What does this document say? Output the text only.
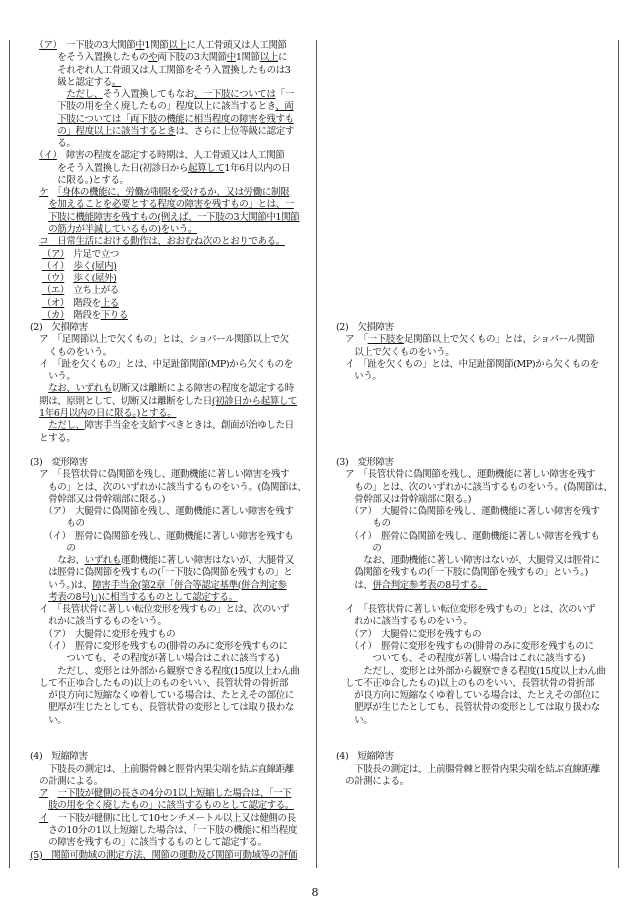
　（ア）　一下肢の3大関節中1関節以上に人工骨頭又は人工関節
　　　をそう入置換したものや両下肢の3大関節中1関節以上に
　　　それぞれ人工骨頭又は人工関節をそう入置換したものは3
　　　級と認定する。
　　　　ただし、そう入置換してもなお、一下肢については「一
　　　下肢の用を全く廃したもの」程度以上に該当するとき、両
　　　下肢については「両下肢の機能に相当程度の障害を残すも
　　　の」程度以上に該当するときは、さらに上位等級に認定す
　　　る。
　（イ）　障害の程度を認定する時期は、人工骨頭又は人工関節
　　　をそう入置換した日(初診日から起算して1年6月以内の日
　　　に限る。)とする。
　ケ　 「身体の機能に、労働が制限を受けるか、又は労働に制限
　　を加えることを必要とする程度の障害を残すもの」とは、一
　　下肢に機能障害を残すもの(例えば、一下肢の3大関節中1関節
　　の筋力が半減しているもの)をいう。
　コ　日常生活における動作は、おおむね次のとおりである。
　 （ア）　片足で立つ
　 （イ）　 歩く(屋内)
　 （ウ）　 歩く(屋外)
　 （エ）　立ち上がる
　 （オ）　階段を上る
　 （カ）　階段を下りる
(2)　欠損障害
　ア　「足関節以上で欠くもの」とは、ショパール関節以上で欠
　　くものをいう。
　イ　「趾を欠くもの」とは、中足趾節関節(MP)から欠くものを
　　いう。
　　なお、いずれも切断又は離断による障害の程度を認定する時
　期は、原則として、切断又は離断をした日(初診日から起算して
　1年6月以内の日に限る。)とする。
　　ただし、障害手当金を支給すべきときは、創面が治ゆした日
　とする。
(3)　変形障害
　ア　「長管状骨に偽関節を残し、運動機能に著しい障害を残す
　　もの」とは、次のいずれかに該当するものをいう。(偽関節は、
　　骨幹部又は骨幹端部に限る。)
　　（ア）　大腿骨に偽関節を残し、運動機能に著しい障害を残す
　　　　もの
　　（イ）　脛骨に偽関節を残し、運動機能に著しい障害を残すも
　　　　の
　　　なお、いずれも運動機能に著しい障害はないが、大腿骨又
　　は脛骨に偽関節を残すもの(「一下肢に偽関節を残すもの」と
　　いう。)は、障害手当金(第2章「併合等認定基準(併合判定参
　　考表の8号)」)に相当するものとして認定する。
　イ　「長管状骨に著しい転位変形を残すもの」とは、次のいず
　　れかに該当するものをいう。
　　（ア）　大腿骨に変形を残すもの
　　（イ）　脛骨に変形を残すもの(腓骨のみに変形を残すものに
　　　　ついても、その程度が著しい場合はこれに該当する)
　　　ただし、変形とは外部から観察できる程度(15度以上わん曲
　して不正ゆ合したもの)以上のものをいい、長管状骨の骨折部
　　が良方向に短縮なくゆ着している場合は、たとえその部位に
　　肥厚が生じたとしても、長管状骨の変形としては取り扱わな
　　い。
(4)　短縮障害
　　下肢長の測定は、上前腸骨棘と脛骨内果尖端を結ぶ直線距離
　の計測による。
　ア　 一下肢が健側の長さの4分の1以上短縮した場合は、「一下
　　肢の用を全く廃したもの」に該当するものとして認定する。
　イ　一下肢が健側に比して10センチメートル以上又は健側の長
　　さの10分の1以上短縮した場合は、「一下肢の機能に相当程度
　　の障害を残すもの」に該当するものとして認定する。
(5)　関節可動域の測定方法、関節の運動及び関節可動域等の評価
(2)　欠損障害
　ア　「一下肢を足関節以上で欠くもの」とは、ショパール関節
　　以上で欠くものをいう。
　イ　「趾を欠くもの」とは、中足趾節関節(MP)から欠くものを
　　いう。
(3)　変形障害
　ア　「長管状骨に偽関節を残し、運動機能に著しい障害を残す
　　もの」とは、次のいずれかに該当するものをいう。(偽関節は、
　　骨幹部又は骨幹端部に限る。)
　　（ア）　大腿骨に偽関節を残し、運動機能に著しい障害を残す
　　　　もの
　　（イ）　脛骨に偽関節を残し、運動機能に著しい障害を残すも
　　　　の
　　　なお、運動機能に著しい障害はないが、大腿骨又は脛骨に
　　偽関節を残すもの(「一下肢に偽関節を残すもの」という。)
　　は、併合判定参考表の8号する。
　イ　「長管状骨に著しい転位変形を残すもの」とは、次のいず
　　れかに該当するものをいう。
　　（ア）　大腿骨に変形を残すもの
　　（イ）　脛骨に変形を残すもの(腓骨のみに変形を残すものに
　　　　ついても、その程度が著しい場合はこれに該当する)
　　　ただし、変形とは外部から観察できる程度(15度以上わん曲
　して不正ゆ合したもの)以上のものをいい、長管状骨の骨折部
　　が良方向に短縮なくゆ着している場合は、たとえその部位に
　　肥厚が生じたとしても、長管状骨の変形としては取り扱わな
　　い。
(4)　短縮障害
　　下肢長の測定は、上前腸骨棘と脛骨内果尖端を結ぶ直線距離
　の計測による。
8
